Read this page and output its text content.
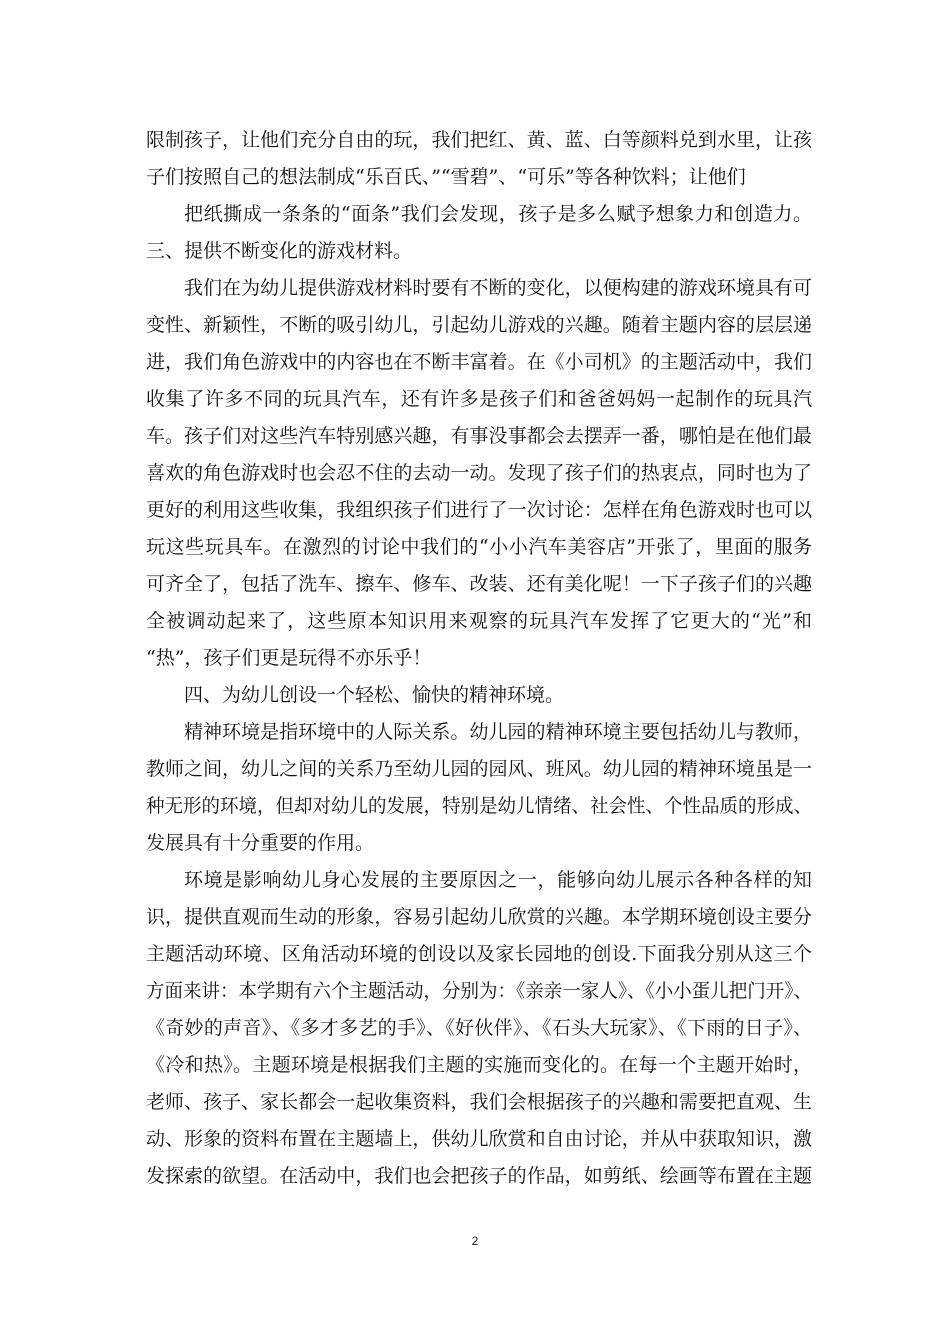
限制孩子，让他们充分自由的玩，我们把红、黄、蓝、白等颜料兑到水里，让孩
子们按照自己的想法制成“乐百氏、”“雪碧”、“可乐”等各种饮料；让他们
把纸撕成一条条的“面条”我们会发现，孩子是多么赋予想象力和创造力。
三、提供不断变化的游戏材料。
我们在为幼儿提供游戏材料时要有不断的变化，以便构建的游戏环境具有可
变性、新颖性，不断的吸引幼儿，引起幼儿游戏的兴趣。随着主题内容的层层递
进，我们角色游戏中的内容也在不断丰富着。在《小司机》的主题活动中，我们
收集了许多不同的玩具汽车，还有许多是孩子们和爸爸妈妈一起制作的玩具汽
车。孩子们对这些汽车特别感兴趣，有事没事都会去摆弄一番，哪怕是在他们最
喜欢的角色游戏时也会忍不住的去动一动。发现了孩子们的热衷点，同时也为了
更好的利用这些收集，我组织孩子们进行了一次讨论：怎样在角色游戏时也可以
玩这些玩具车。在激烈的讨论中我们的“小小汽车美容店”开张了，里面的服务
可齐全了，包括了洗车、擦车、修车、改装、还有美化呢！一下子孩子们的兴趣
全被调动起来了，这些原本知识用来观察的玩具汽车发挥了它更大的“光”和
“热”，孩子们更是玩得不亦乐乎！
四、为幼儿创设一个轻松、愉快的精神环境。
精神环境是指环境中的人际关系。幼儿园的精神环境主要包括幼儿与教师，
教师之间，幼儿之间的关系乃至幼儿园的园风、班风。幼儿园的精神环境虽是一
种无形的环境，但却对幼儿的发展，特别是幼儿情绪、社会性、个性品质的形成、
发展具有十分重要的作用。
环境是影响幼儿身心发展的主要原因之一，能够向幼儿展示各种各样的知
识，提供直观而生动的形象，容易引起幼儿欣赏的兴趣。本学期环境创设主要分
主题活动环境、区角活动环境的创设以及家长园地的创设.下面我分别从这三个
方面来讲：本学期有六个主题活动，分别为：《亲亲一家人》、《小小蛋儿把门开》、
《奇妙的声音》、《多才多艺的手》、《好伙伴》、《石头大玩家》、《下雨的日子》、
《冷和热》。主题环境是根据我们主题的实施而变化的。在每一个主题开始时，
老师、孩子、家长都会一起收集资料，我们会根据孩子的兴趣和需要把直观、生
动、形象的资料布置在主题墙上，供幼儿欣赏和自由讨论，并从中获取知识，激
发探索的欲望。在活动中，我们也会把孩子的作品，如剪纸、绘画等布置在主题
2
